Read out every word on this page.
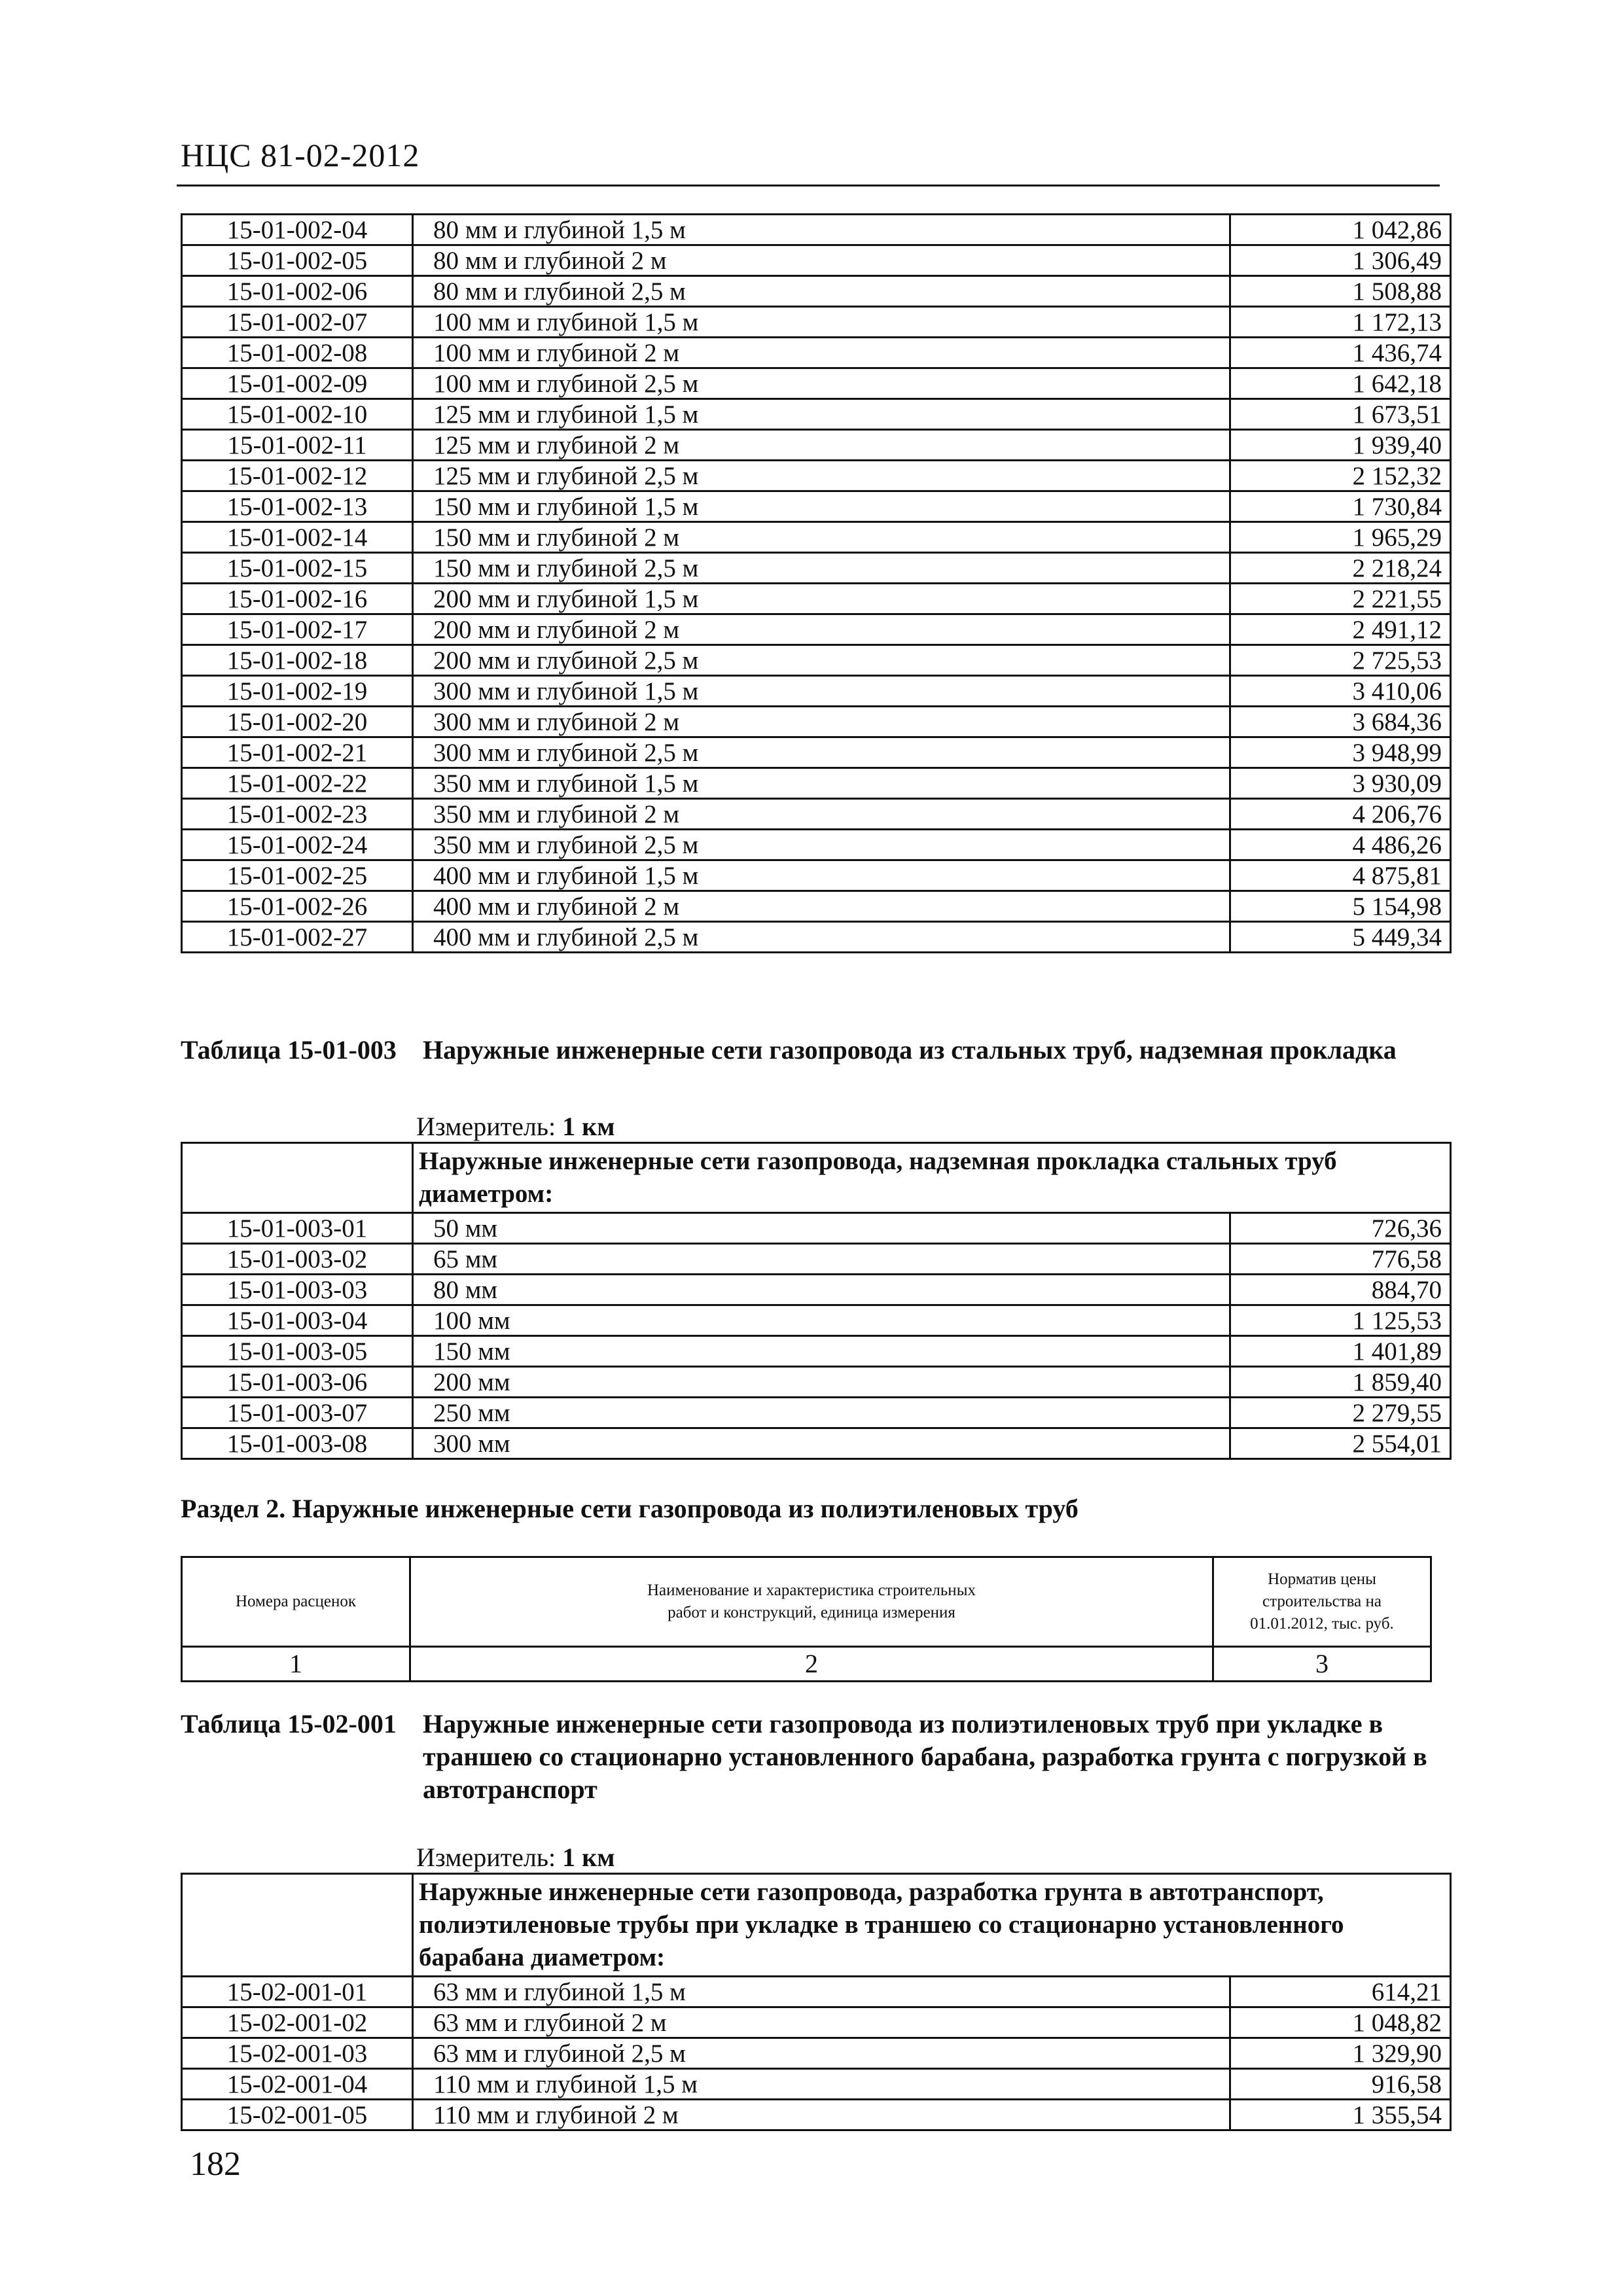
НЦС 81-02-2012
15-01-002-04	80 мм и глубиной 1,5 м	1 042,86
15-01-002-05	80 мм и глубиной 2 м	1 306,49
15-01-002-06	80 мм и глубиной 2,5 м	1 508,88
15-01-002-07	100 мм и глубиной 1,5 м	1 172,13
15-01-002-08	100 мм и глубиной 2 м	1 436,74
15-01-002-09	100 мм и глубиной 2,5 м	1 642,18
15-01-002-10	125 мм и глубиной 1,5 м	1 673,51
15-01-002-11	125 мм и глубиной 2 м	1 939,40
15-01-002-12	125 мм и глубиной 2,5 м	2 152,32
15-01-002-13	150 мм и глубиной 1,5 м	1 730,84
15-01-002-14	150 мм и глубиной 2 м	1 965,29
15-01-002-15	150 мм и глубиной 2,5 м	2 218,24
15-01-002-16	200 мм и глубиной 1,5 м	2 221,55
15-01-002-17	200 мм и глубиной 2 м	2 491,12
15-01-002-18	200 мм и глубиной 2,5 м	2 725,53
15-01-002-19	300 мм и глубиной 1,5 м	3 410,06
15-01-002-20	300 мм и глубиной 2 м	3 684,36
15-01-002-21	300 мм и глубиной 2,5 м	3 948,99
15-01-002-22	350 мм и глубиной 1,5 м	3 930,09
15-01-002-23	350 мм и глубиной 2 м	4 206,76
15-01-002-24	350 мм и глубиной 2,5 м	4 486,26
15-01-002-25	400 мм и глубиной 1,5 м	4 875,81
15-01-002-26	400 мм и глубиной 2 м	5 154,98
15-01-002-27	400 мм и глубиной 2,5 м	5 449,34
Таблица 15-01-003 Наружные инженерные сети газопровода из стальных труб, надземная прокладка
Измеритель: 1 км
	Наружные инженерные сети газопровода, надземная прокладка стальных труб диаметром:	
15-01-003-01	50 мм	726,36
15-01-003-02	65 мм	776,58
15-01-003-03	80 мм	884,70
15-01-003-04	100 мм	1 125,53
15-01-003-05	150 мм	1 401,89
15-01-003-06	200 мм	1 859,40
15-01-003-07	250 мм	2 279,55
15-01-003-08	300 мм	2 554,01
Раздел 2. Наружные инженерные сети газопровода из полиэтиленовых труб
Номера расценок	Наименование и характеристика строительных работ и конструкций, единица измерения	Норматив цены строительства на 01.01.2012, тыс. руб.

1	2	3
Таблица 15-02-001 Наружные инженерные сети газопровода из полиэтиленовых труб при укладке в траншею со стационарно установленного барабана, разработка грунта с погрузкой в автотранспорт
Измеритель: 1 км
	Наружные инженерные сети газопровода, разработка грунта в автотранспорт, полиэтиленовые трубы при укладке в траншею со стационарно установленного барабана диаметром:	
15-02-001-01	63 мм и глубиной 1,5 м	614,21
15-02-001-02	63 мм и глубиной 2 м	1 048,82
15-02-001-03	63 мм и глубиной 2,5 м	1 329,90
15-02-001-04	110 мм и глубиной 1,5 м	916,58
15-02-001-05	110 мм и глубиной 2 м	1 355,54
182
